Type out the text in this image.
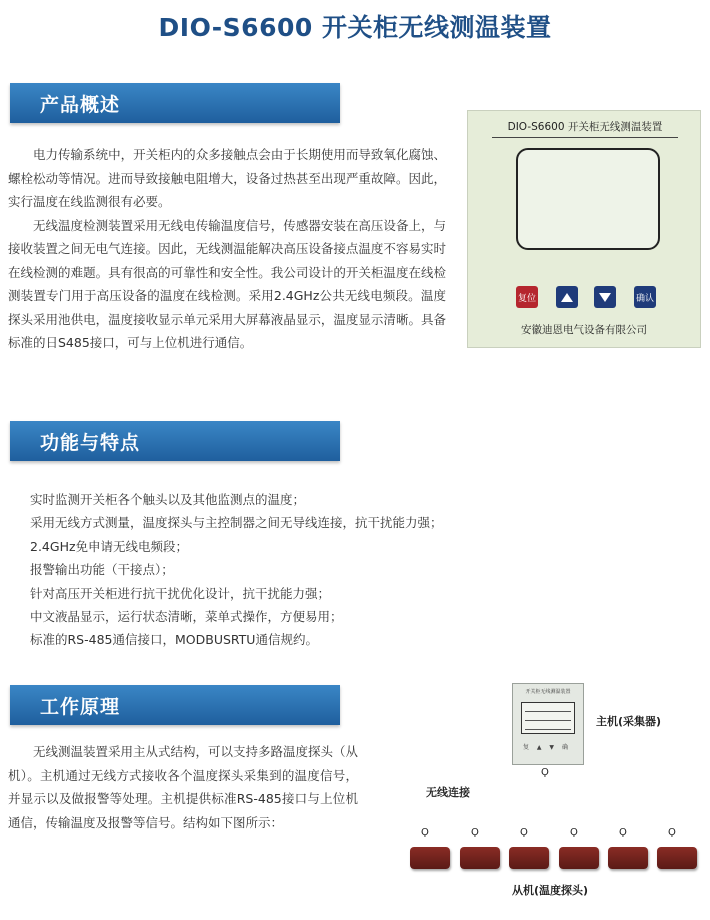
DIO-S6600 开关柜无线测温装置
产品概述

电力传输系统中，开关柜内的众多接触点会由于长期使用而导致氧化腐蚀、螺栓松动等情况。进而导致接触电阻增大，设备过热甚至出现严重故障。因此，实行温度在线监测很有必要。

无线温度检测装置采用无线电传输温度信号，传感器安装在高压设备上，与接收装置之间无电气连接。因此，无线测温能解决高压设备接点温度不容易实时在线检测的难题。具有很高的可靠性和安全性。我公司设计的开关柜温度在线检测装置专门用于高压设备的温度在线检测。采用2.4GHz公共无线电频段。温度探头采用池供电，温度接收显示单元采用大屏幕液晶显示，温度显示清晰。具备标准的日S485接口，可与上位机进行通信。

DIO-S6600 开关柜无线测温装置
复位	确认
安徽迪恩电气设备有限公司
功能与特点
实时监测开关柜各个触头以及其他监测点的温度；
采用无线方式测量，温度探头与主控制器之间无导线连接，抗干扰能力强；
2.4GHz免申请无线电频段；
报警输出功能（干接点）；
针对高压开关柜进行抗干扰优化设计，抗干扰能力强；
中文液晶显示，运行状态清晰，菜单式操作，方便易用；
标准的RS-485通信接口，MODBUSRTU通信规约。
工作原理

无线测温装置采用主从式结构，可以支持多路温度探头（从机）。主机通过无线方式接收各个温度探头采集到的温度信号，并显示以及做报警等处理。主机提供标准RS-485接口与上位机通信，传输温度及报警等信号。结构如下图所示：

开关柜无线测温装置
复 ▲ ▼ 确
Ϙ
主机(采集器)
无线连接
Ϙ	Ϙ	Ϙ	Ϙ	Ϙ	Ϙ
从机(温度探头)
